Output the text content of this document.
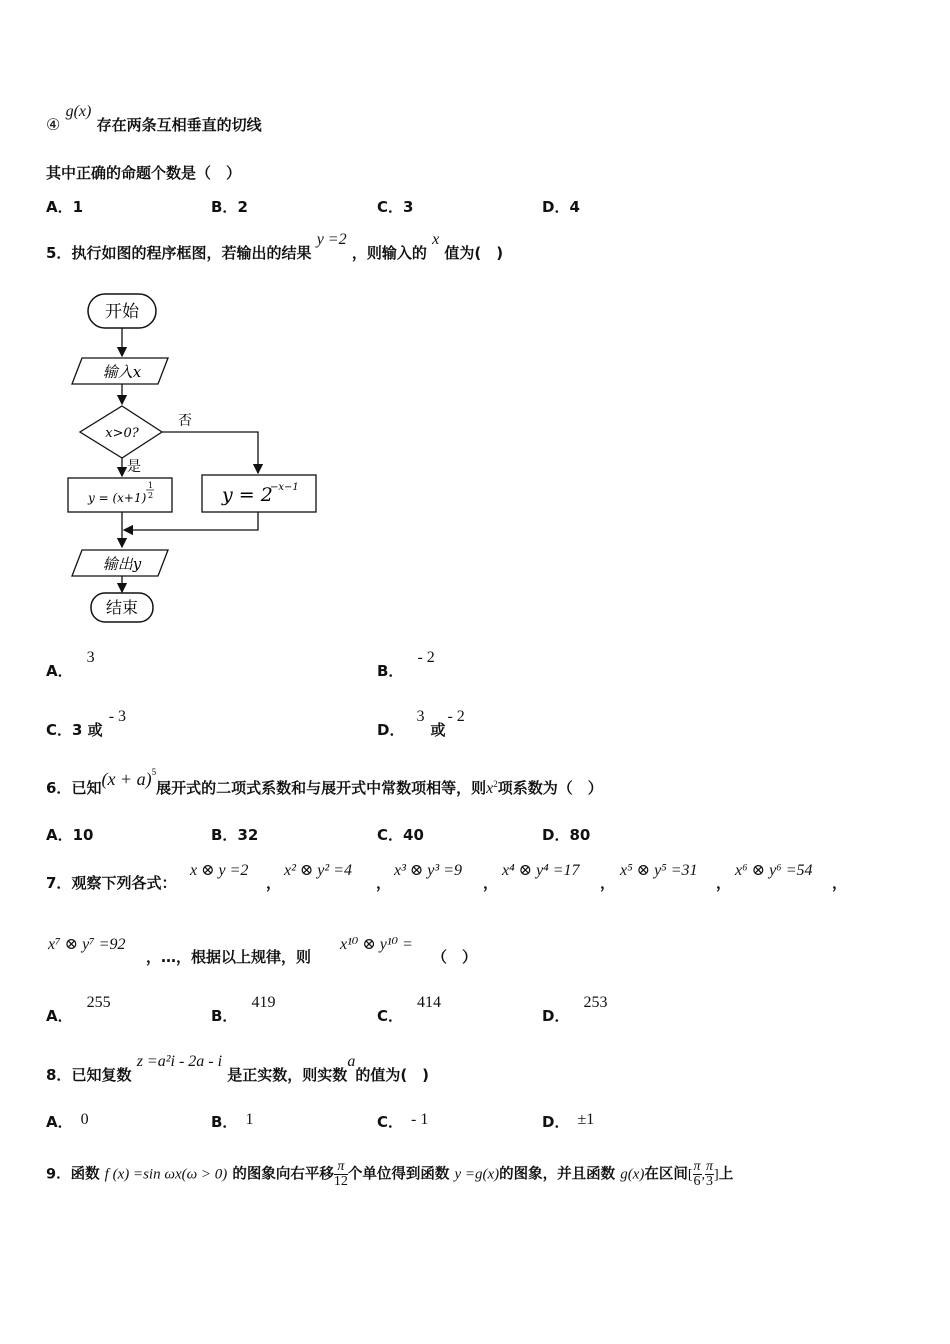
④ g(x) 存在两条互相垂直的切线
其中正确的命题个数是（　）
A．1	B．2	C．3	D．4
5．执行如图的程序框图，若输出的结果 y =2 ，则输入的 x 值为(　)
开始
输入x
x>0?
否
是
y = (x+1)
1
2	y = 2
−x−1
输出y
结束
A．3
B．- 2
C．3 或- 3
D．3或- 2
6．已知$(x + a)^5$展开式的二项式系数和与展开式中常数项相等，则$x^2$项系数为（　）
A．10	B．32	C．40	D．80
7．观察下列各式：
x ⊗ y =2
，
x² ⊗ y² =4
，
x³ ⊗ y³ =9
，
x⁴ ⊗ y⁴ =17
，
x⁵ ⊗ y⁵ =31
，
x⁶ ⊗ y⁶ =54
，
x⁷ ⊗ y⁷ =92
，…，根据以上规律，则
x¹⁰ ⊗ y¹⁰ =
（　）
A．255
B．419
C．414
D．253
8．已知复数 z =a²i - 2a - i 是正实数，则实数a的值为(　)
A． 0	B． 1	C． - 1	D． ±1
9．函数 f (x) =sin ωx(ω > 0) 的图象向右平移 $\frac{\pi}{12}$ 个单位得到函数 y =g(x)的图象，并且函数 g(x)在区间[ $\frac{\pi}{6}$ , $\frac{\pi}{3}$ ]上
